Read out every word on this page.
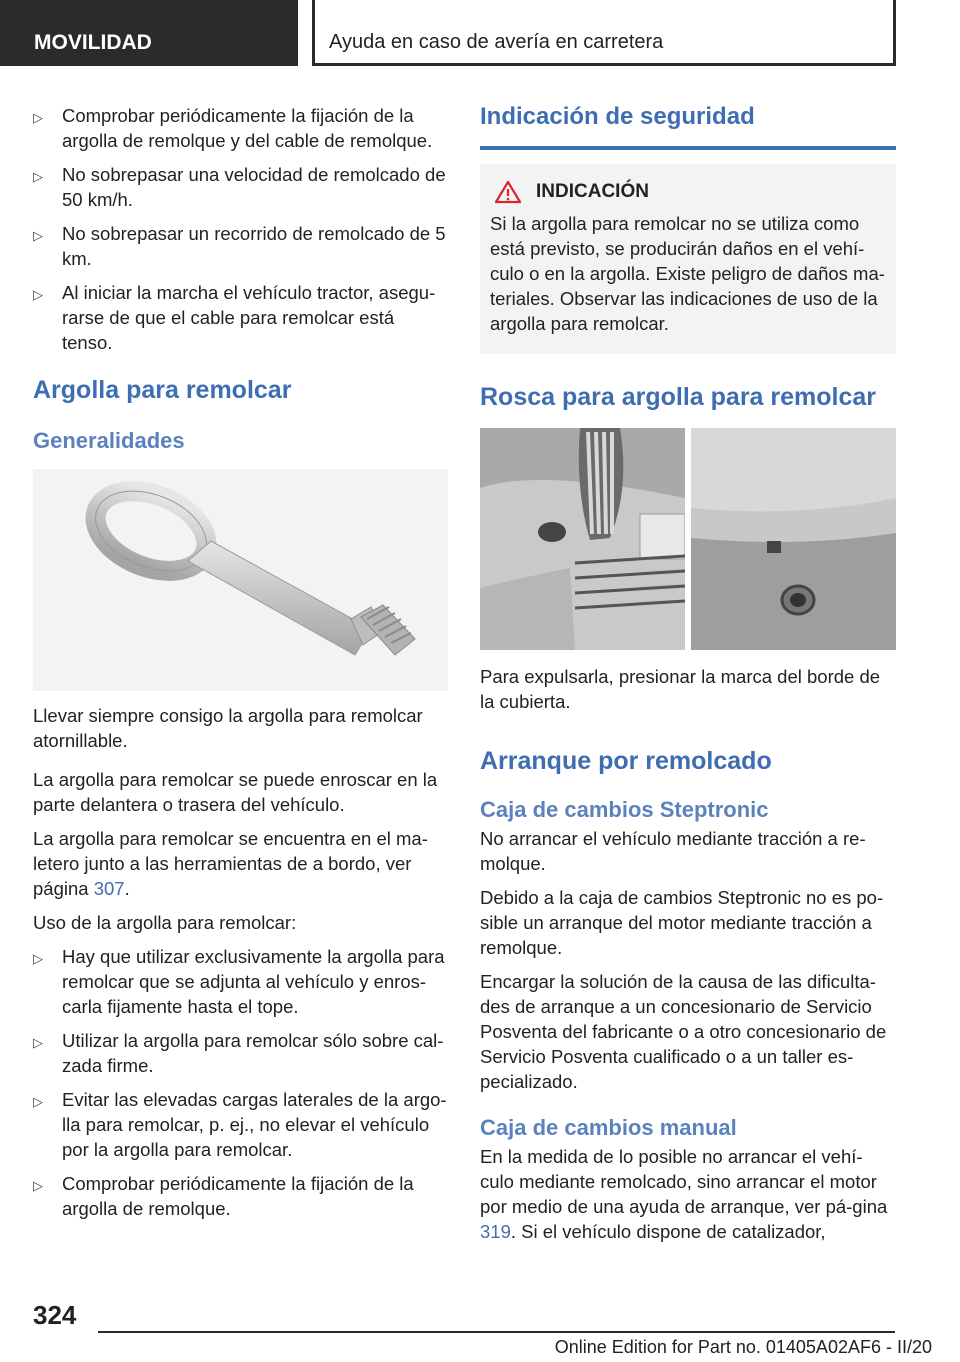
MOVILIDAD	Ayuda en caso de avería en carretera
▷ Comprobar periódicamente la fijación de la argolla de remolque y del cable de remolque.
▷ No sobrepasar una velocidad de remolcado de 50 km/h.
▷ No sobrepasar un recorrido de remolcado de 5 km.
▷ Al iniciar la marcha el vehículo tractor, asegu‐rarse de que el cable para remolcar está tenso.
Argolla para remolcar
Generalidades

Llevar siempre consigo la argolla para remolcar atornillable.

La argolla para remolcar se puede enroscar en la parte delantera o trasera del vehículo.

La argolla para remolcar se encuentra en el ma‐letero junto a las herramientas de a bordo, ver página 307.

Uso de la argolla para remolcar:

▷ Hay que utilizar exclusivamente la argolla para remolcar que se adjunta al vehículo y enros‐carla fijamente hasta el tope.
▷ Utilizar la argolla para remolcar sólo sobre cal‐zada firme.
▷ Evitar las elevadas cargas laterales de la argo‐lla para remolcar, p. ej., no elevar el vehículo por la argolla para remolcar.
▷ Comprobar periódicamente la fijación de la argolla de remolque.
Indicación de seguridad
INDICACIÓN

Si la argolla para remolcar no se utiliza como está previsto, se producirán daños en el vehí‐culo o en la argolla. Existe peligro de daños ma‐teriales. Observar las indicaciones de uso de la argolla para remolcar.

Rosca para argolla para remolcar

Para expulsarla, presionar la marca del borde de la cubierta.

Arranque por remolcado
Caja de cambios Steptronic

No arrancar el vehículo mediante tracción a re‐molque.

Debido a la caja de cambios Steptronic no es po‐sible un arranque del motor mediante tracción a remolque.

Encargar la solución de la causa de las dificulta‐des de arranque a un concesionario de Servicio Posventa del fabricante o a otro concesionario de Servicio Posventa cualificado o a un taller es‐pecializado.

Caja de cambios manual

En la medida de lo posible no arrancar el vehí‐culo mediante remolcado, sino arrancar el motor por medio de una ayuda de arranque, ver pá‐gina 319. Si el vehículo dispone de catalizador,

324
Online Edition for Part no. 01405A02AF6 - II/20
